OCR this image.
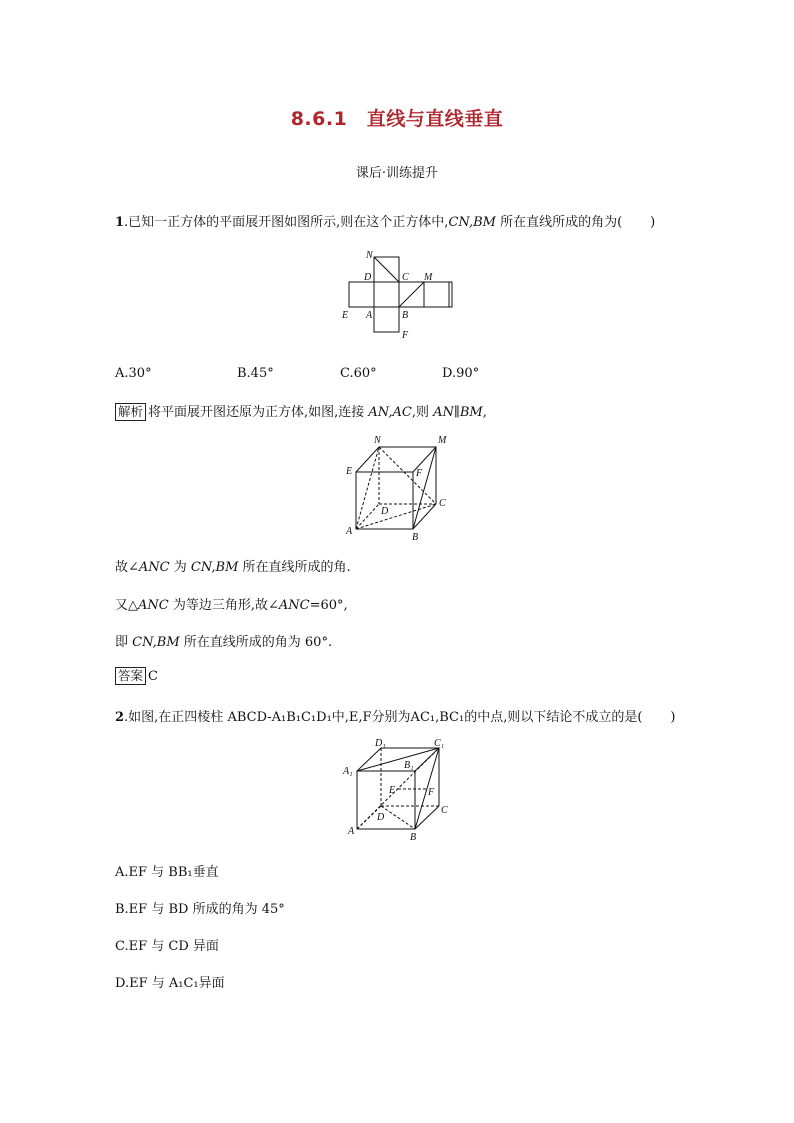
8.6.1　直线与直线垂直
课后·训练提升
1.已知一正方体的平面展开图如图所示,则在这个正方体中,CN,BM 所在直线所成的角为( )
N
D	C M
E A	B
F
N	M
E	F
C
D
A
B
D₁	C₁
A₁
B₁
E	F
D
C
A
B
A.30°	B.45°	C.60°	D.90°
解析 将平面展开图还原为正方体,如图,连接 AN,AC,则 AN∥BM,
故∠ANC 为 CN,BM 所在直线所成的角.
又△ANC 为等边三角形,故∠ANC=60°,
即 CN,BM 所在直线所成的角为 60°.
答案 C
2.如图,在正四棱柱 ABCD-A₁B₁C₁D₁中,E,F分别为AC₁,BC₁的中点,则以下结论不成立的是( )
A.EF 与 BB₁垂直
B.EF 与 BD 所成的角为 45°
C.EF 与 CD 异面
D.EF 与 A₁C₁异面
